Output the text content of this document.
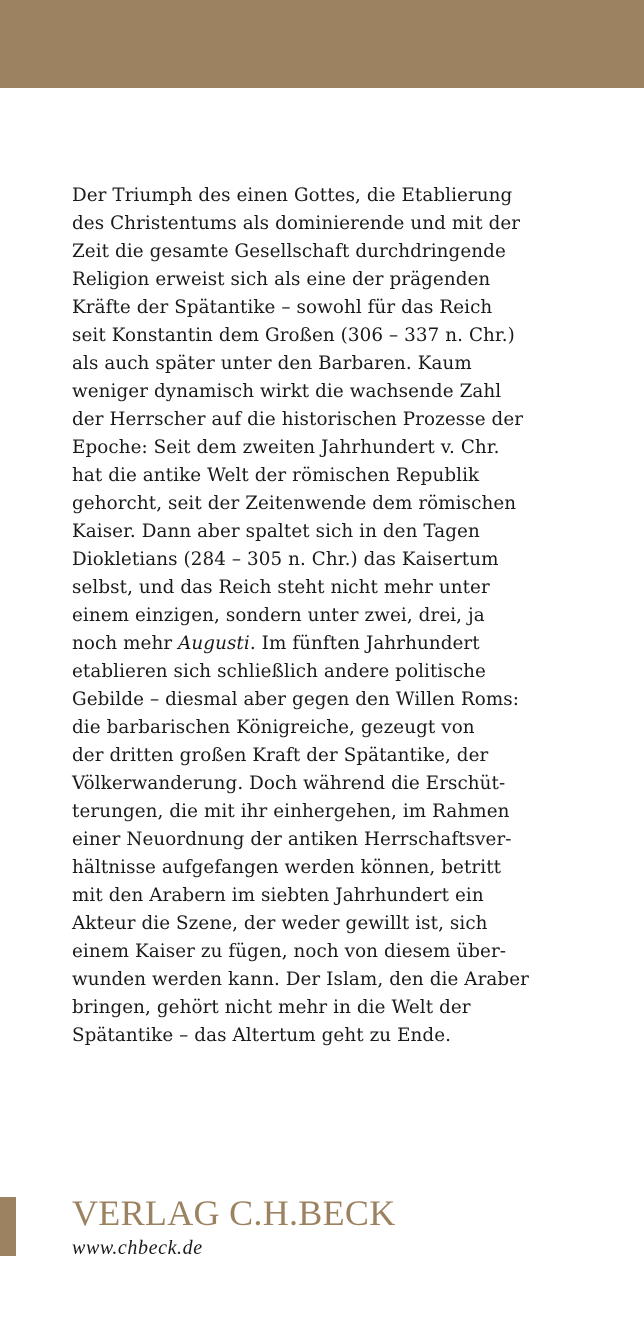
Der Triumph des einen Gottes, die Etablierung
des Christentums als dominierende und mit der
Zeit die gesamte Gesellschaft durchdringende
Religion erweist sich als eine der prägenden
Kräfte der Spätantike – sowohl für das Reich
seit Konstantin dem Großen (306 – 337 n. Chr.)
als auch später unter den Barbaren. Kaum
weniger dynamisch wirkt die wachsende Zahl
der Herrscher auf die historischen Prozesse der
Epoche: Seit dem zweiten Jahrhundert v. Chr.
hat die antike Welt der römischen Republik
gehorcht, seit der Zeitenwende dem römischen
Kaiser. Dann aber spaltet sich in den Tagen
Diokletians (284 – 305 n. Chr.) das Kaisertum
selbst, und das Reich steht nicht mehr unter
einem einzigen, sondern unter zwei, drei, ja
noch mehr Augusti. Im fünften Jahrhundert
etablieren sich schließlich andere politische
Gebilde – diesmal aber gegen den Willen Roms:
die barbarischen Königreiche, gezeugt von
der dritten großen Kraft der Spätantike, der
Völkerwanderung. Doch während die Erschüt-
terungen, die mit ihr einhergehen, im Rahmen
einer Neuordnung der antiken Herrschaftsver-
hältnisse aufgefangen werden können, betritt
mit den Arabern im siebten Jahrhundert ein
Akteur die Szene, der weder gewillt ist, sich
einem Kaiser zu fügen, noch von diesem über-
wunden werden kann. Der Islam, den die Araber
bringen, gehört nicht mehr in die Welt der
Spätantike – das Altertum geht zu Ende.
VERLAG C.H.BECK
www.chbeck.de
